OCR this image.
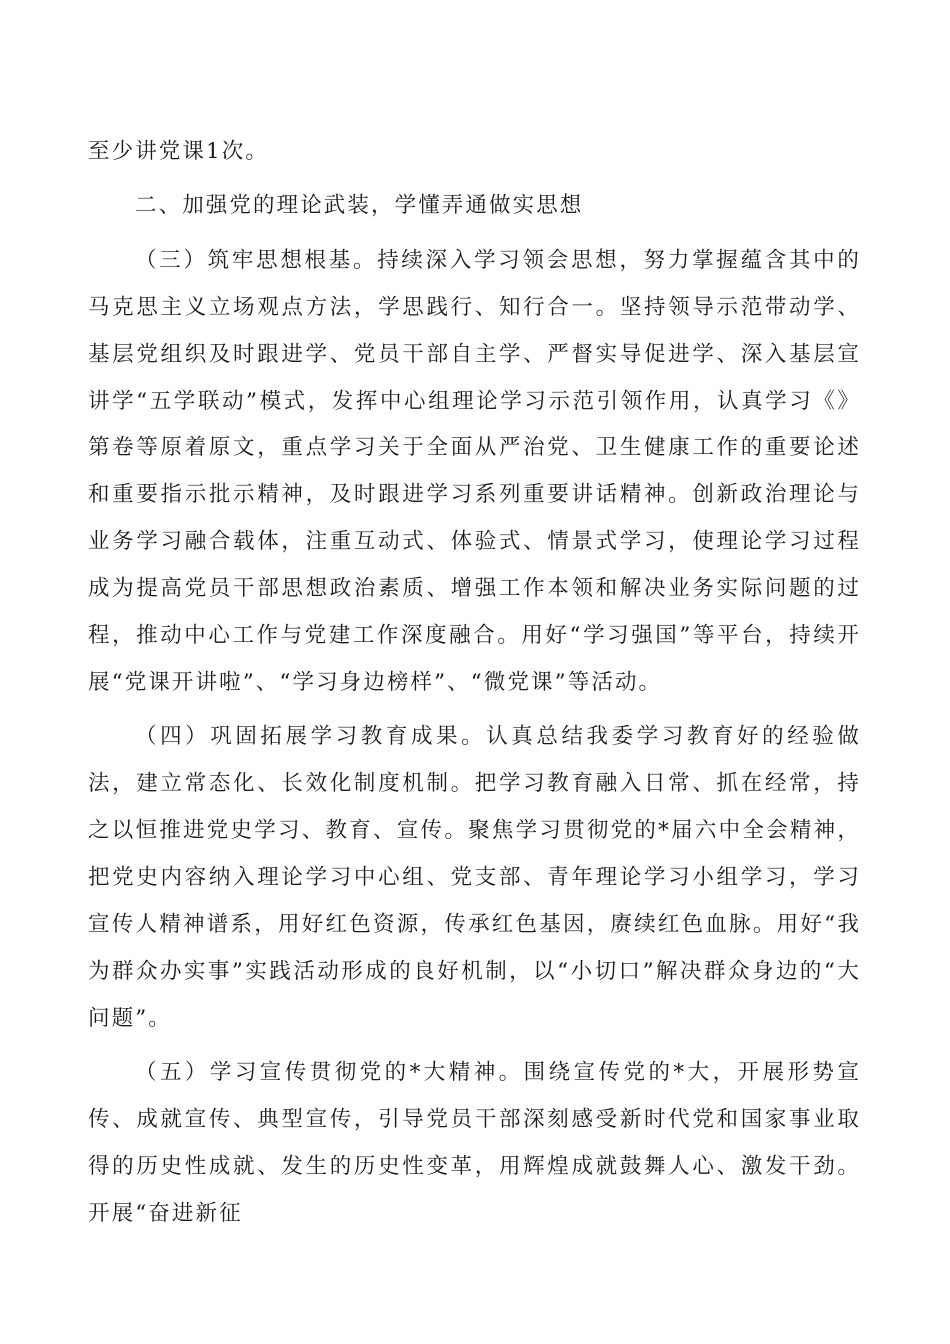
至少讲党课1次。

二、加强党的理论武装，学懂弄通做实思想

（三）筑牢思想根基。持续深入学习领会思想，努力掌握蕴含其中的马克思主义立场观点方法，学思践行、知行合一。坚持领导示范带动学、基层党组织及时跟进学、党员干部自主学、严督实导促进学、深入基层宣讲学“五学联动”模式，发挥中心组理论学习示范引领作用，认真学习《》第卷等原着原文，重点学习关于全面从严治党、卫生健康工作的重要论述和重要指示批示精神，及时跟进学习系列重要讲话精神。创新政治理论与业务学习融合载体，注重互动式、体验式、情景式学习，使理论学习过程成为提高党员干部思想政治素质、增强工作本领和解决业务实际问题的过程，推动中心工作与党建工作深度融合。用好“学习强国”等平台，持续开展“党课开讲啦”、“学习身边榜样”、“微党课”等活动。

（四）巩固拓展学习教育成果。认真总结我委学习教育好的经验做法，建立常态化、长效化制度机制。把学习教育融入日常、抓在经常，持之以恒推进党史学习、教育、宣传。聚焦学习贯彻党的*届六中全会精神，把党史内容纳入理论学习中心组、党支部、青年理论学习小组学习，学习宣传人精神谱系，用好红色资源，传承红色基因，赓续红色血脉。用好“我为群众办实事”实践活动形成的良好机制，以“小切口”解决群众身边的“大问题”。

（五）学习宣传贯彻党的*大精神。围绕宣传党的*大，开展形势宣传、成就宣传、典型宣传，引导党员干部深刻感受新时代党和国家事业取得的历史性成就、发生的历史性变革，用辉煌成就鼓舞人心、激发干劲。开展“奋进新征
